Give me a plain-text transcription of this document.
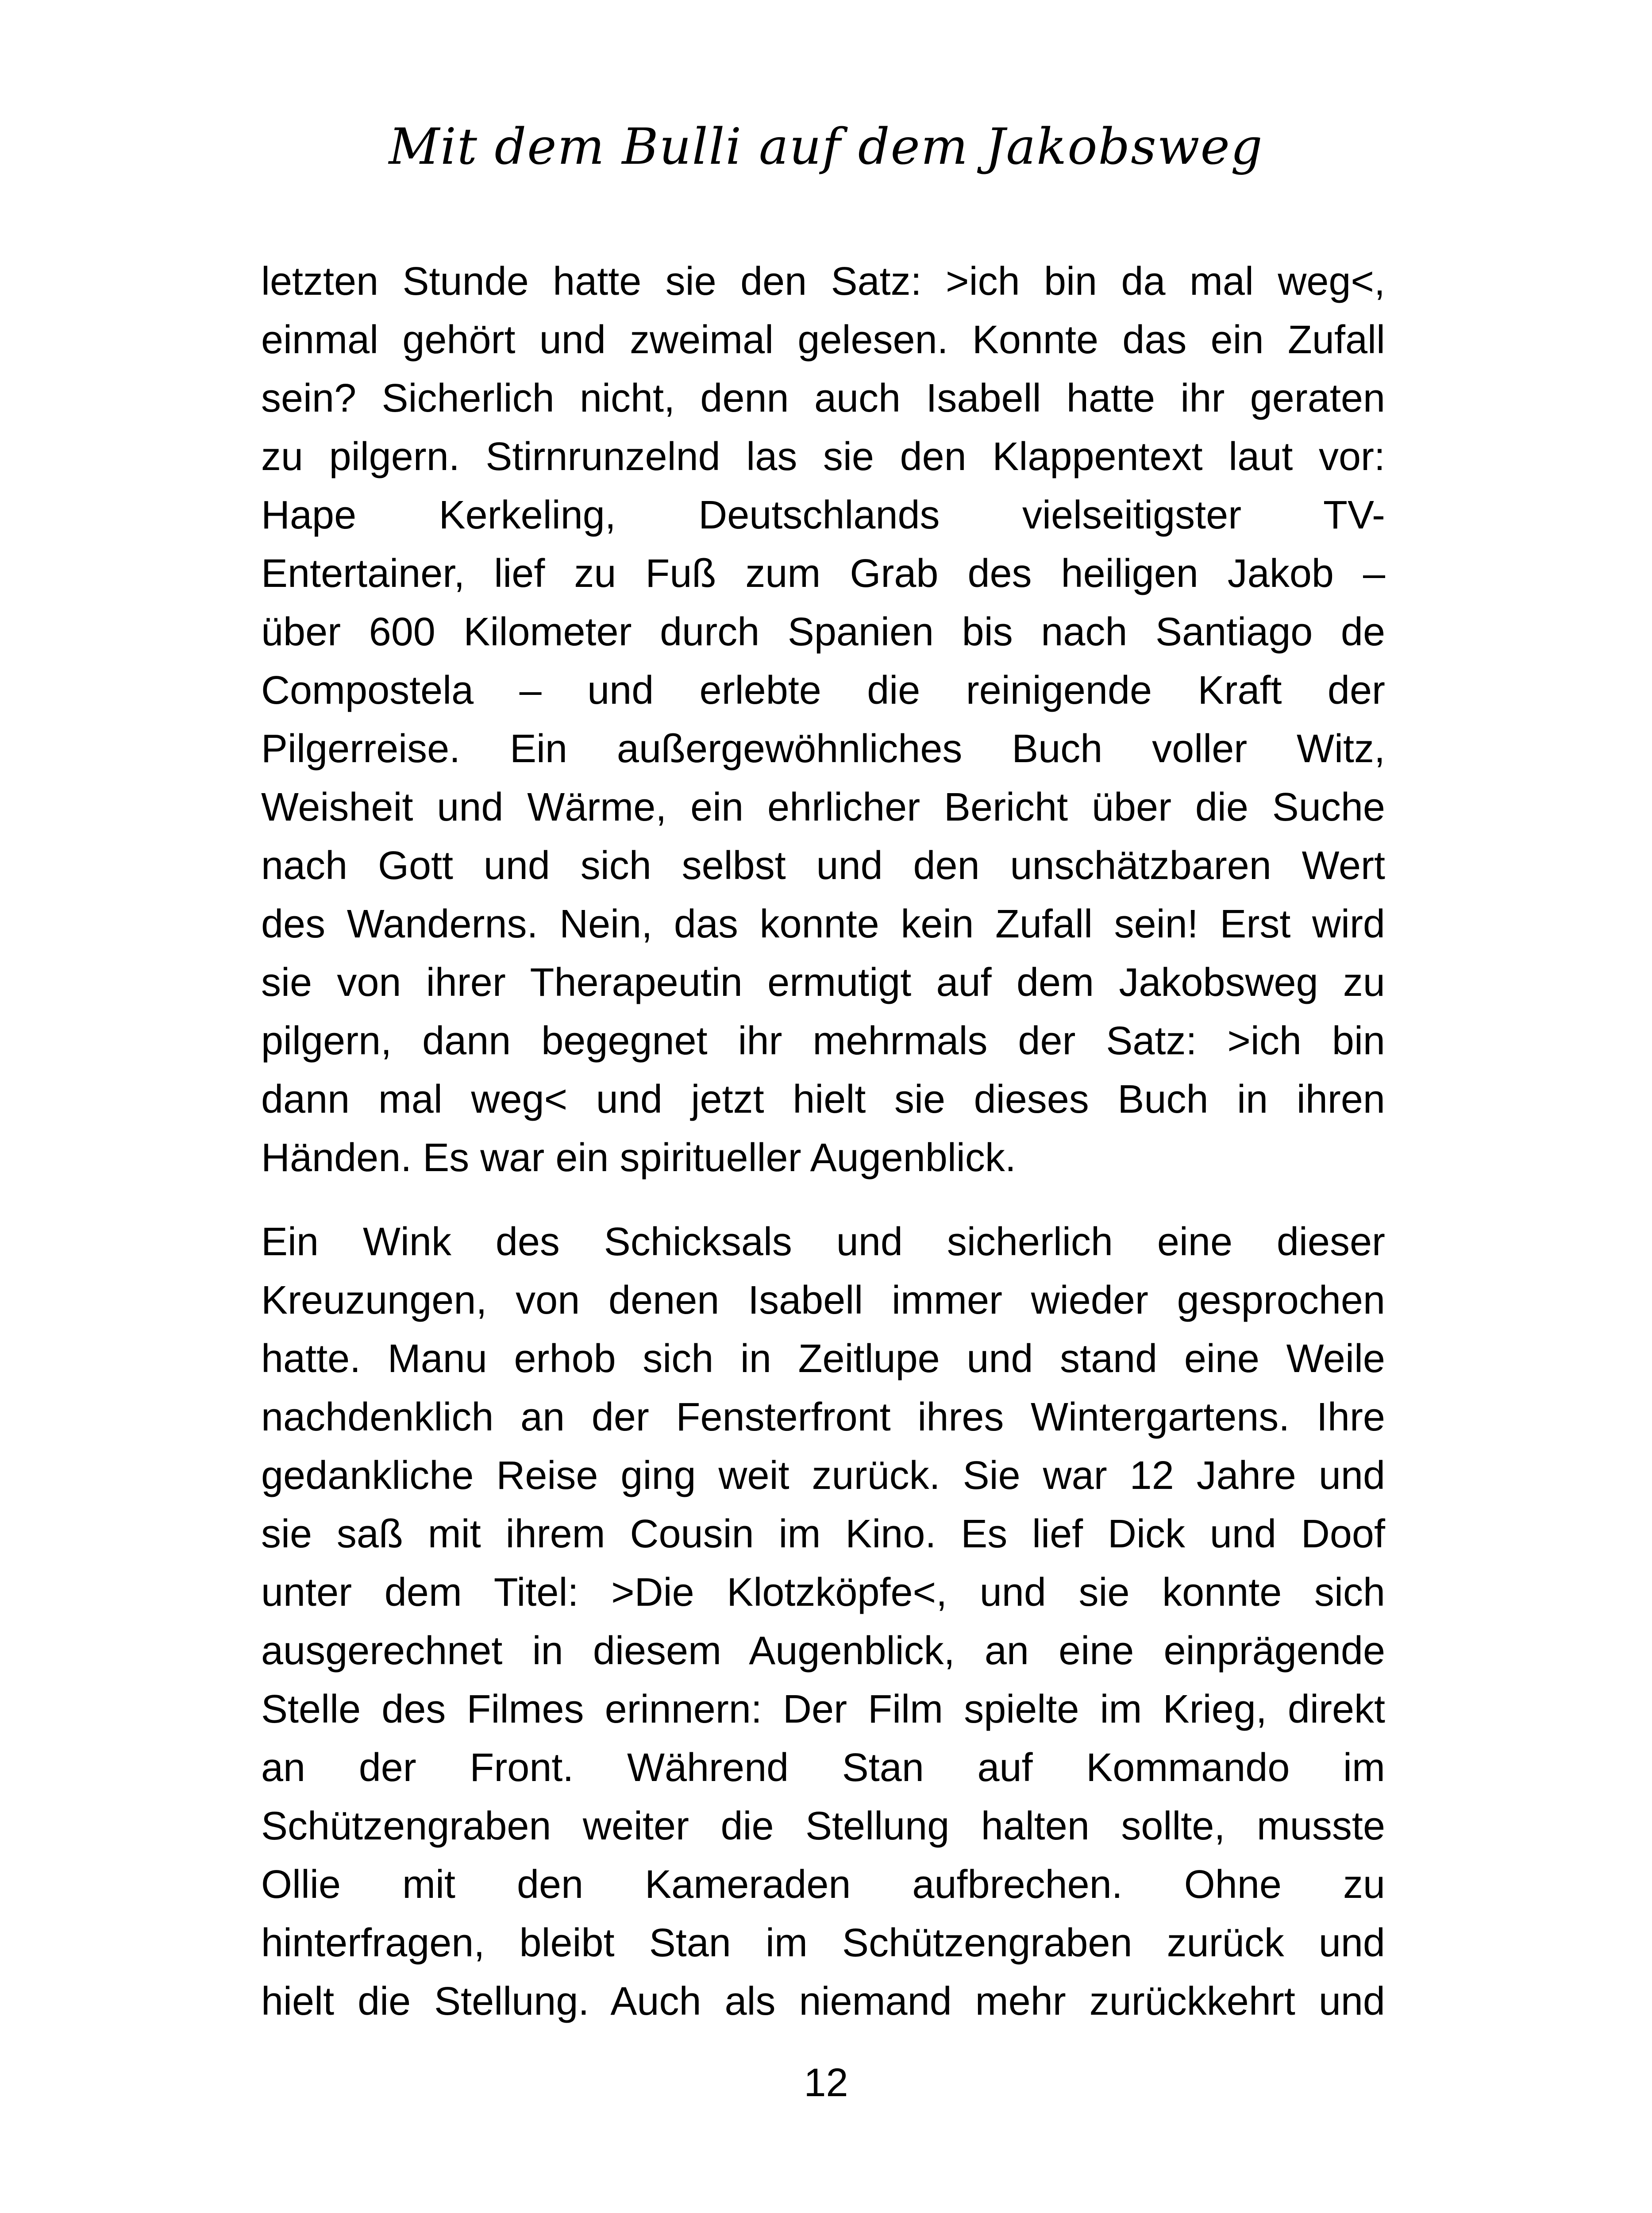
Mit dem Bulli auf dem Jakobsweg

letzten Stunde hatte sie den Satz: >ich bin da mal weg<,
einmal gehört und zweimal gelesen. Konnte das ein Zufall
sein? Sicherlich nicht, denn auch Isabell hatte ihr geraten
zu pilgern. Stirnrunzelnd las sie den Klappentext laut vor:
Hape Kerkeling, Deutschlands vielseitigster TV-
Entertainer, lief zu Fuß zum Grab des heiligen Jakob –
über 600 Kilometer durch Spanien bis nach Santiago de
Compostela – und erlebte die reinigende Kraft der
Pilgerreise. Ein außergewöhnliches Buch voller Witz,
Weisheit und Wärme, ein ehrlicher Bericht über die Suche
nach Gott und sich selbst und den unschätzbaren Wert
des Wanderns. Nein, das konnte kein Zufall sein! Erst wird
sie von ihrer Therapeutin ermutigt auf dem Jakobsweg zu
pilgern, dann begegnet ihr mehrmals der Satz: >ich bin
dann mal weg< und jetzt hielt sie dieses Buch in ihren
Händen. Es war ein spiritueller Augenblick.

Ein Wink des Schicksals und sicherlich eine dieser
Kreuzungen, von denen Isabell immer wieder gesprochen
hatte. Manu erhob sich in Zeitlupe und stand eine Weile
nachdenklich an der Fensterfront ihres Wintergartens. Ihre
gedankliche Reise ging weit zurück. Sie war 12 Jahre und
sie saß mit ihrem Cousin im Kino. Es lief Dick und Doof
unter dem Titel: >Die Klotzköpfe<, und sie konnte sich
ausgerechnet in diesem Augenblick, an eine einprägende
Stelle des Filmes erinnern: Der Film spielte im Krieg, direkt
an der Front. Während Stan auf Kommando im
Schützengraben weiter die Stellung halten sollte, musste
Ollie mit den Kameraden aufbrechen. Ohne zu
hinterfragen, bleibt Stan im Schützengraben zurück und
hielt die Stellung. Auch als niemand mehr zurückkehrt und

12
